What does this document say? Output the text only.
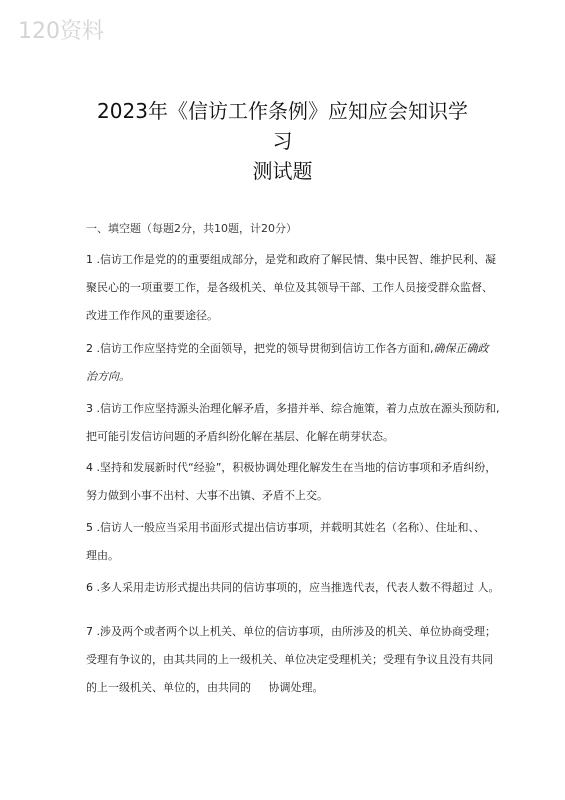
120资料
2023年《信访工作条例》应知应会知识学
习
测试题
一、填空题（每题2分，共10题，计20分）
1 .信访工作是党的的重要组成部分，是党和政府了解民情、集中民智、维护民利、凝
聚民心的一项重要工作，是各级机关、单位及其领导干部、工作人员接受群众监督、
改进工作作风的重要途径。
2 .信访工作应坚持党的全面领导，把党的领导贯彻到信访工作各方面和,确保正确政
治方向。
3 .信访工作应坚持源头治理化解矛盾，多措并举、综合施策，着力点放在源头预防和,
把可能引发信访问题的矛盾纠纷化解在基层、化解在萌芽状态。
4 .坚持和发展新时代“经验”，积极协调处理化解发生在当地的信访事项和矛盾纠纷，
努力做到小事不出村、大事不出镇、矛盾不上交。
5 .信访人一般应当采用书面形式提出信访事项，并载明其姓名（名称）、住址和、、
理由。
6 .多人采用走访形式提出共同的信访事项的，应当推选代表，代表人数不得超过 人。
7 .涉及两个或者两个以上机关、单位的信访事项，由所涉及的机关、单位协商受理；
受理有争议的，由其共同的上一级机关、单位决定受理机关；受理有争议且没有共同
的上一级机关、单位的，由共同的     协调处理。
